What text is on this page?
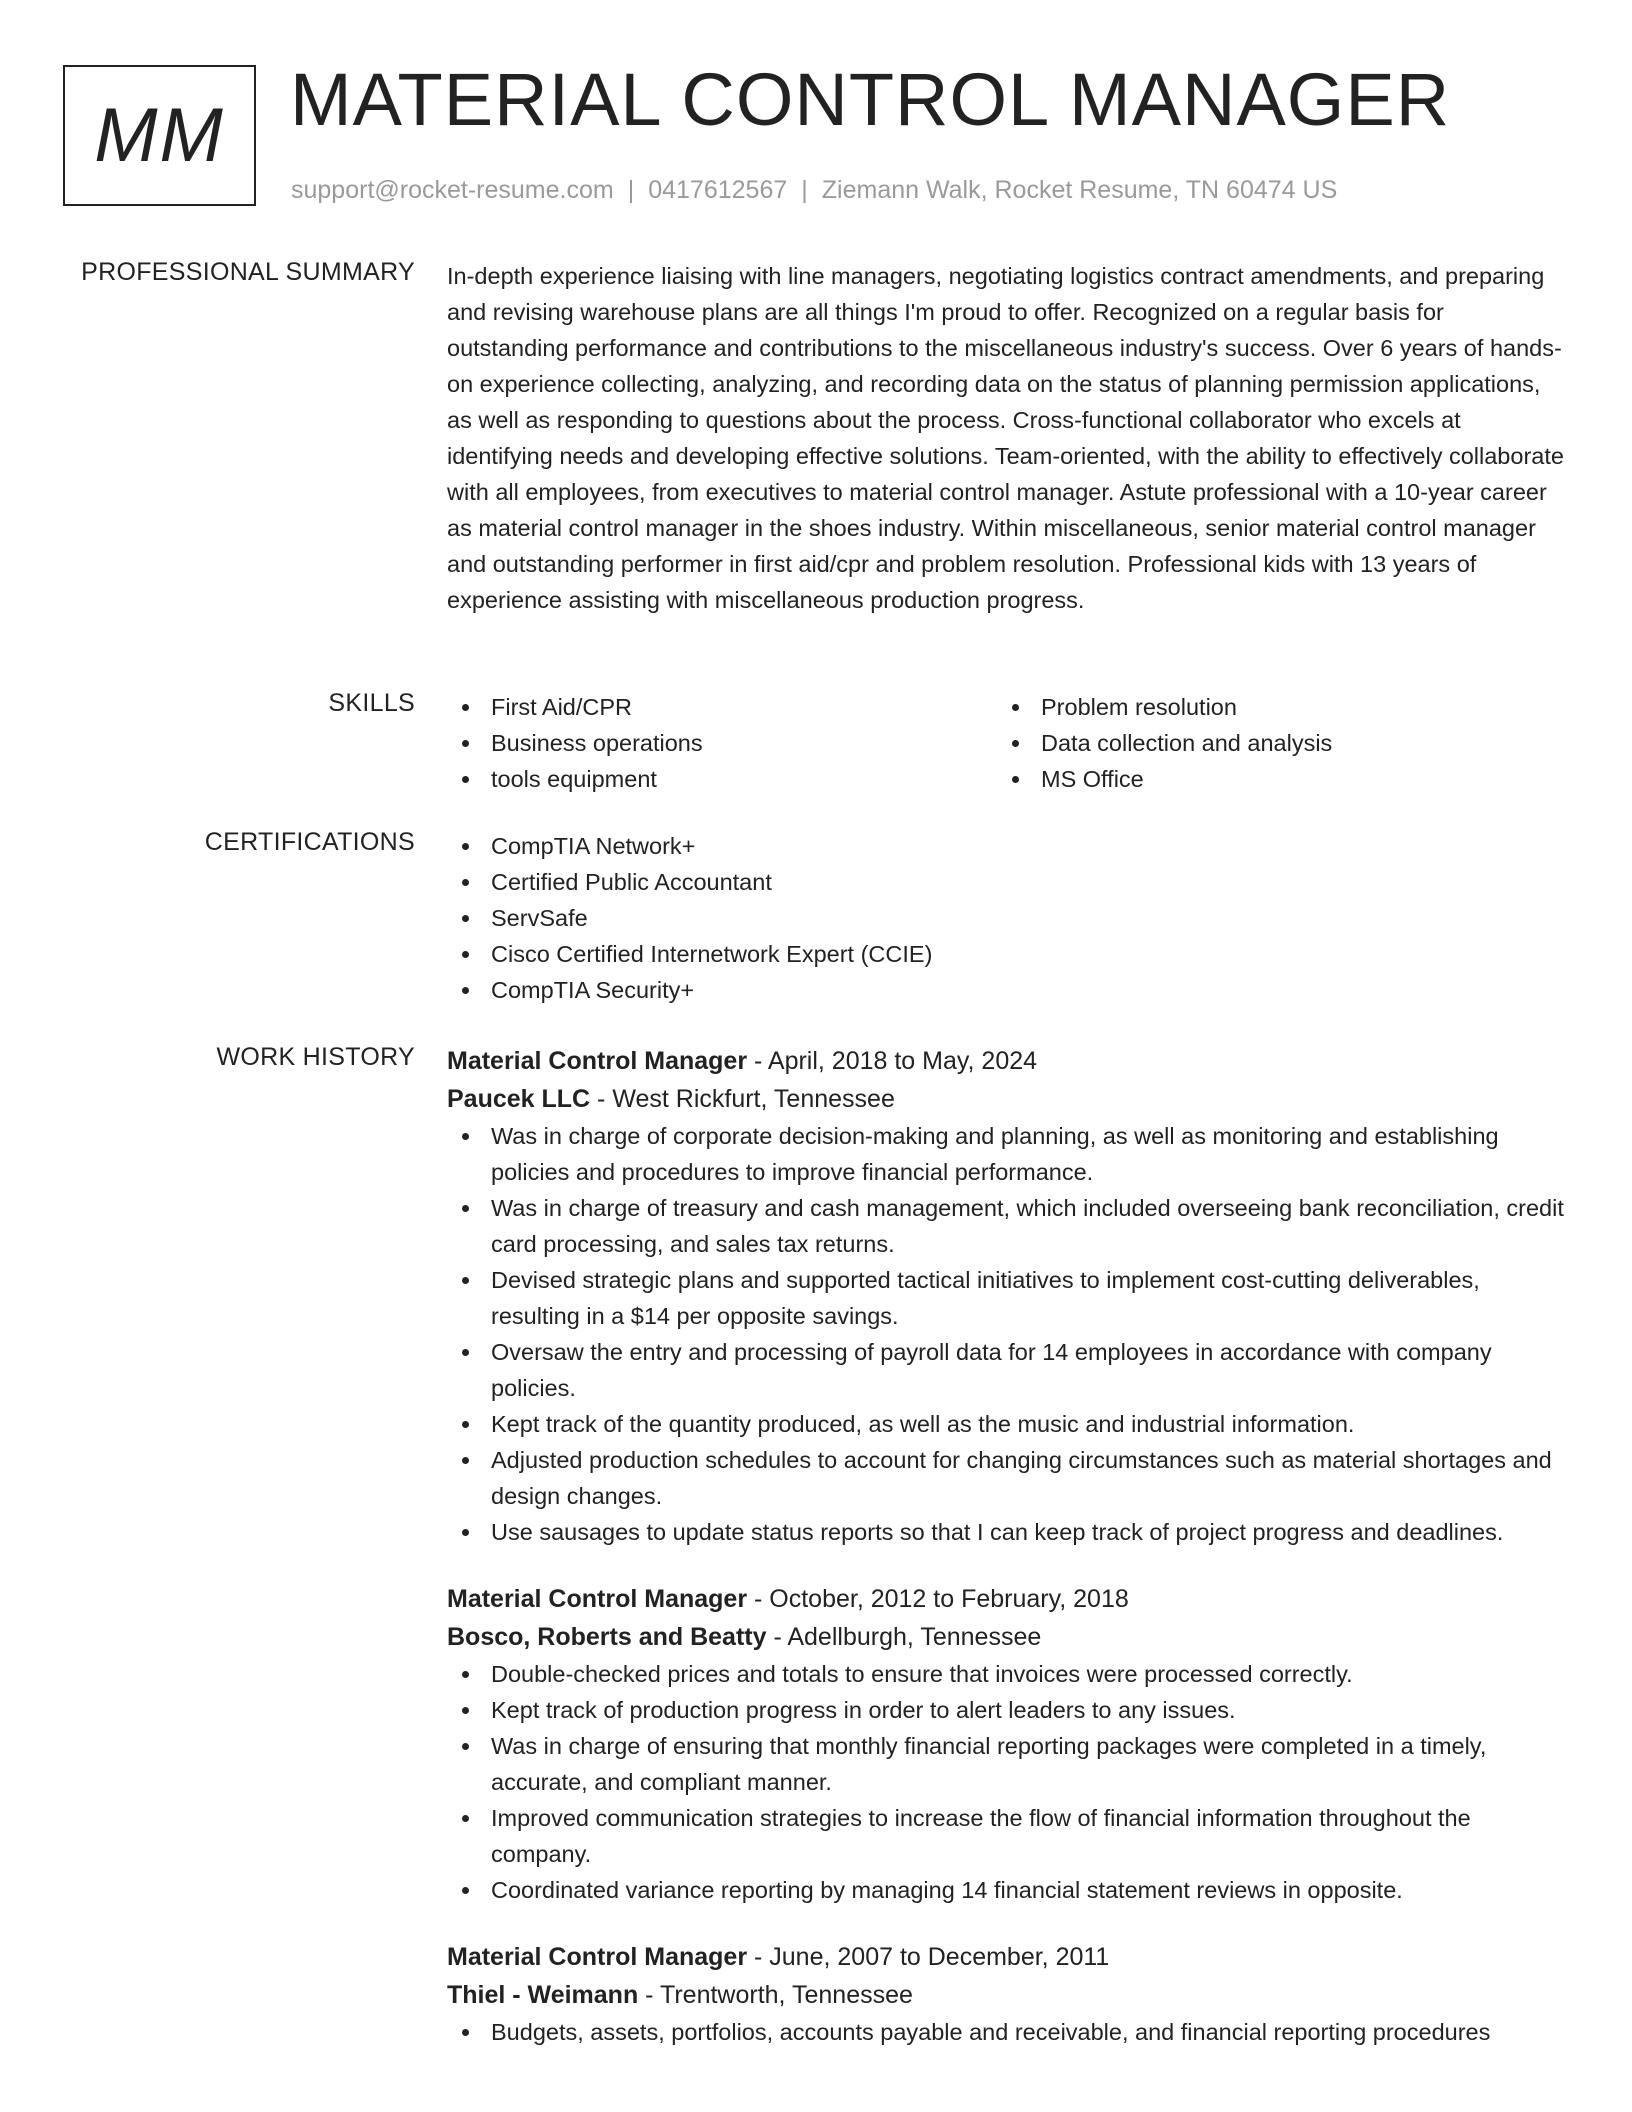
MM MATERIAL CONTROL MANAGER
support@rocket-resume.com | 0417612567 | Ziemann Walk, Rocket Resume, TN 60474 US
PROFESSIONAL SUMMARY In-depth experience liaising with line managers, negotiating logistics contract amendments, and preparing and revising warehouse plans are all things I'm proud to offer. Recognized on a regular basis for outstanding performance and contributions to the miscellaneous industry's success. Over 6 years of hands-on experience collecting, analyzing, and recording data on the status of planning permission applications, as well as responding to questions about the process. Cross-functional collaborator who excels at identifying needs and developing effective solutions. Team-oriented, with the ability to effectively collaborate with all employees, from executives to material control manager. Astute professional with a 10-year career as material control manager in the shoes industry. Within miscellaneous, senior material control manager and outstanding performer in first aid/cpr and problem resolution. Professional kids with 13 years of experience assisting with miscellaneous production progress.

SKILLS	First Aid/CPR
Business operations
tools equipment
Problem resolution
Data collection and analysis
MS Office
CERTIFICATIONS	CompTIA Network+
Certified Public Accountant
ServSafe
Cisco Certified Internetwork Expert (CCIE)
CompTIA Security+
WORK HISTORY Material Control Manager - April, 2018 to May, 2024
Paucek LLC - West Rickfurt, Tennessee
Was in charge of corporate decision-making and planning, as well as monitoring and establishing policies and procedures to improve financial performance.
Was in charge of treasury and cash management, which included overseeing bank reconciliation, credit card processing, and sales tax returns.
Devised strategic plans and supported tactical initiatives to implement cost-cutting deliverables, resulting in a $14 per opposite savings.
Oversaw the entry and processing of payroll data for 14 employees in accordance with company policies.
Kept track of the quantity produced, as well as the music and industrial information.
Adjusted production schedules to account for changing circumstances such as material shortages and design changes.
Use sausages to update status reports so that I can keep track of project progress and deadlines.
Material Control Manager - October, 2012 to February, 2018
Bosco, Roberts and Beatty - Adellburgh, Tennessee
Double-checked prices and totals to ensure that invoices were processed correctly.
Kept track of production progress in order to alert leaders to any issues.
Was in charge of ensuring that monthly financial reporting packages were completed in a timely, accurate, and compliant manner.
Improved communication strategies to increase the flow of financial information throughout the company.
Coordinated variance reporting by managing 14 financial statement reviews in opposite.
Material Control Manager - June, 2007 to December, 2011
Thiel - Weimann - Trentworth, Tennessee
Budgets, assets, portfolios, accounts payable and receivable, and financial reporting procedures
